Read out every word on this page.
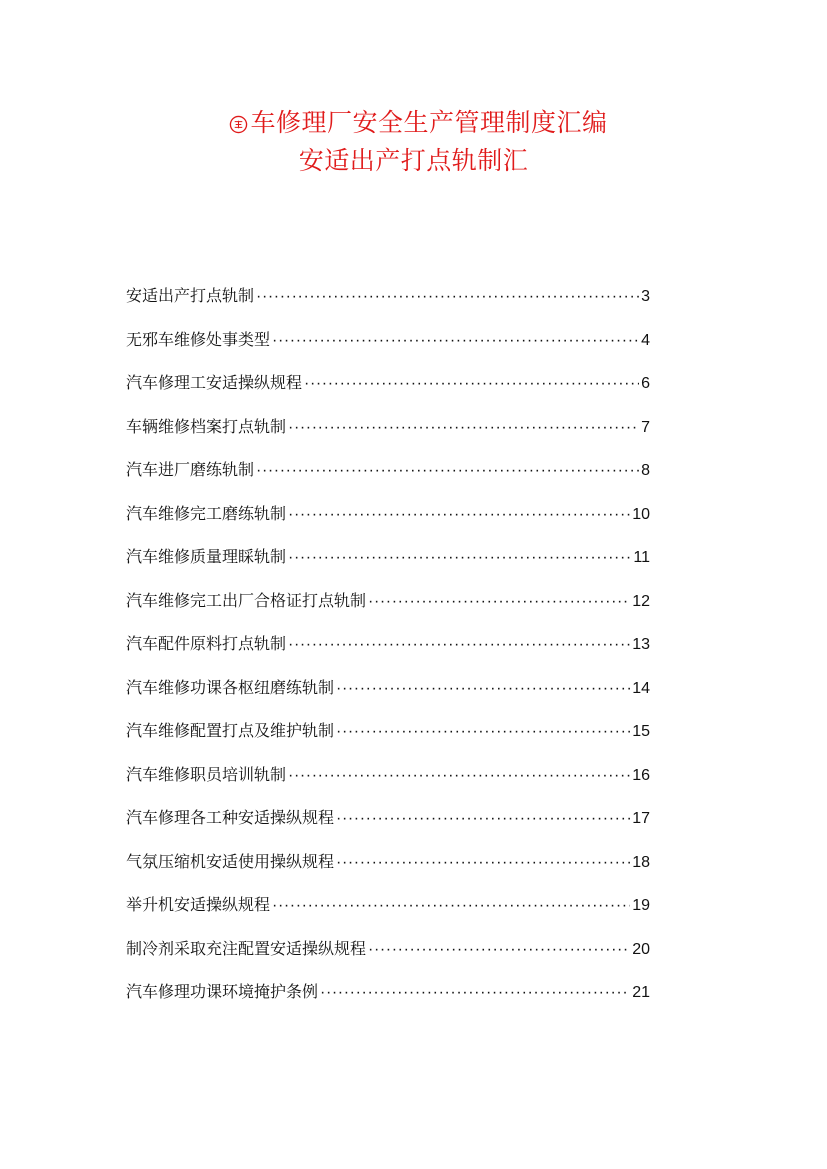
车修理厂安全生产管理制度汇编
安适出产打点轨制汇
安适出产打点轨制 ·····	3
无邪车维修处事类型 ·····	4
汽车修理工安适操纵规程 ·····	6
车辆维修档案打点轨制 ·····	7
汽车进厂磨练轨制 ·····	8
汽车维修完工磨练轨制 ·····	10
汽车维修质量理睬轨制 ·····	11
汽车维修完工出厂合格证打点轨制 ·····	12
汽车配件原料打点轨制 ·····	13
汽车维修功课各枢纽磨练轨制 ·····	14
汽车维修配置打点及维护轨制 ·····	15
汽车维修职员培训轨制 ·····	16
汽车修理各工种安适操纵规程 ·····	17
气氛压缩机安适使用操纵规程 ·····	18
举升机安适操纵规程 ·····	19
制冷剂采取充注配置安适操纵规程 ·····	20
汽车修理功课环境掩护条例 ·····	21
